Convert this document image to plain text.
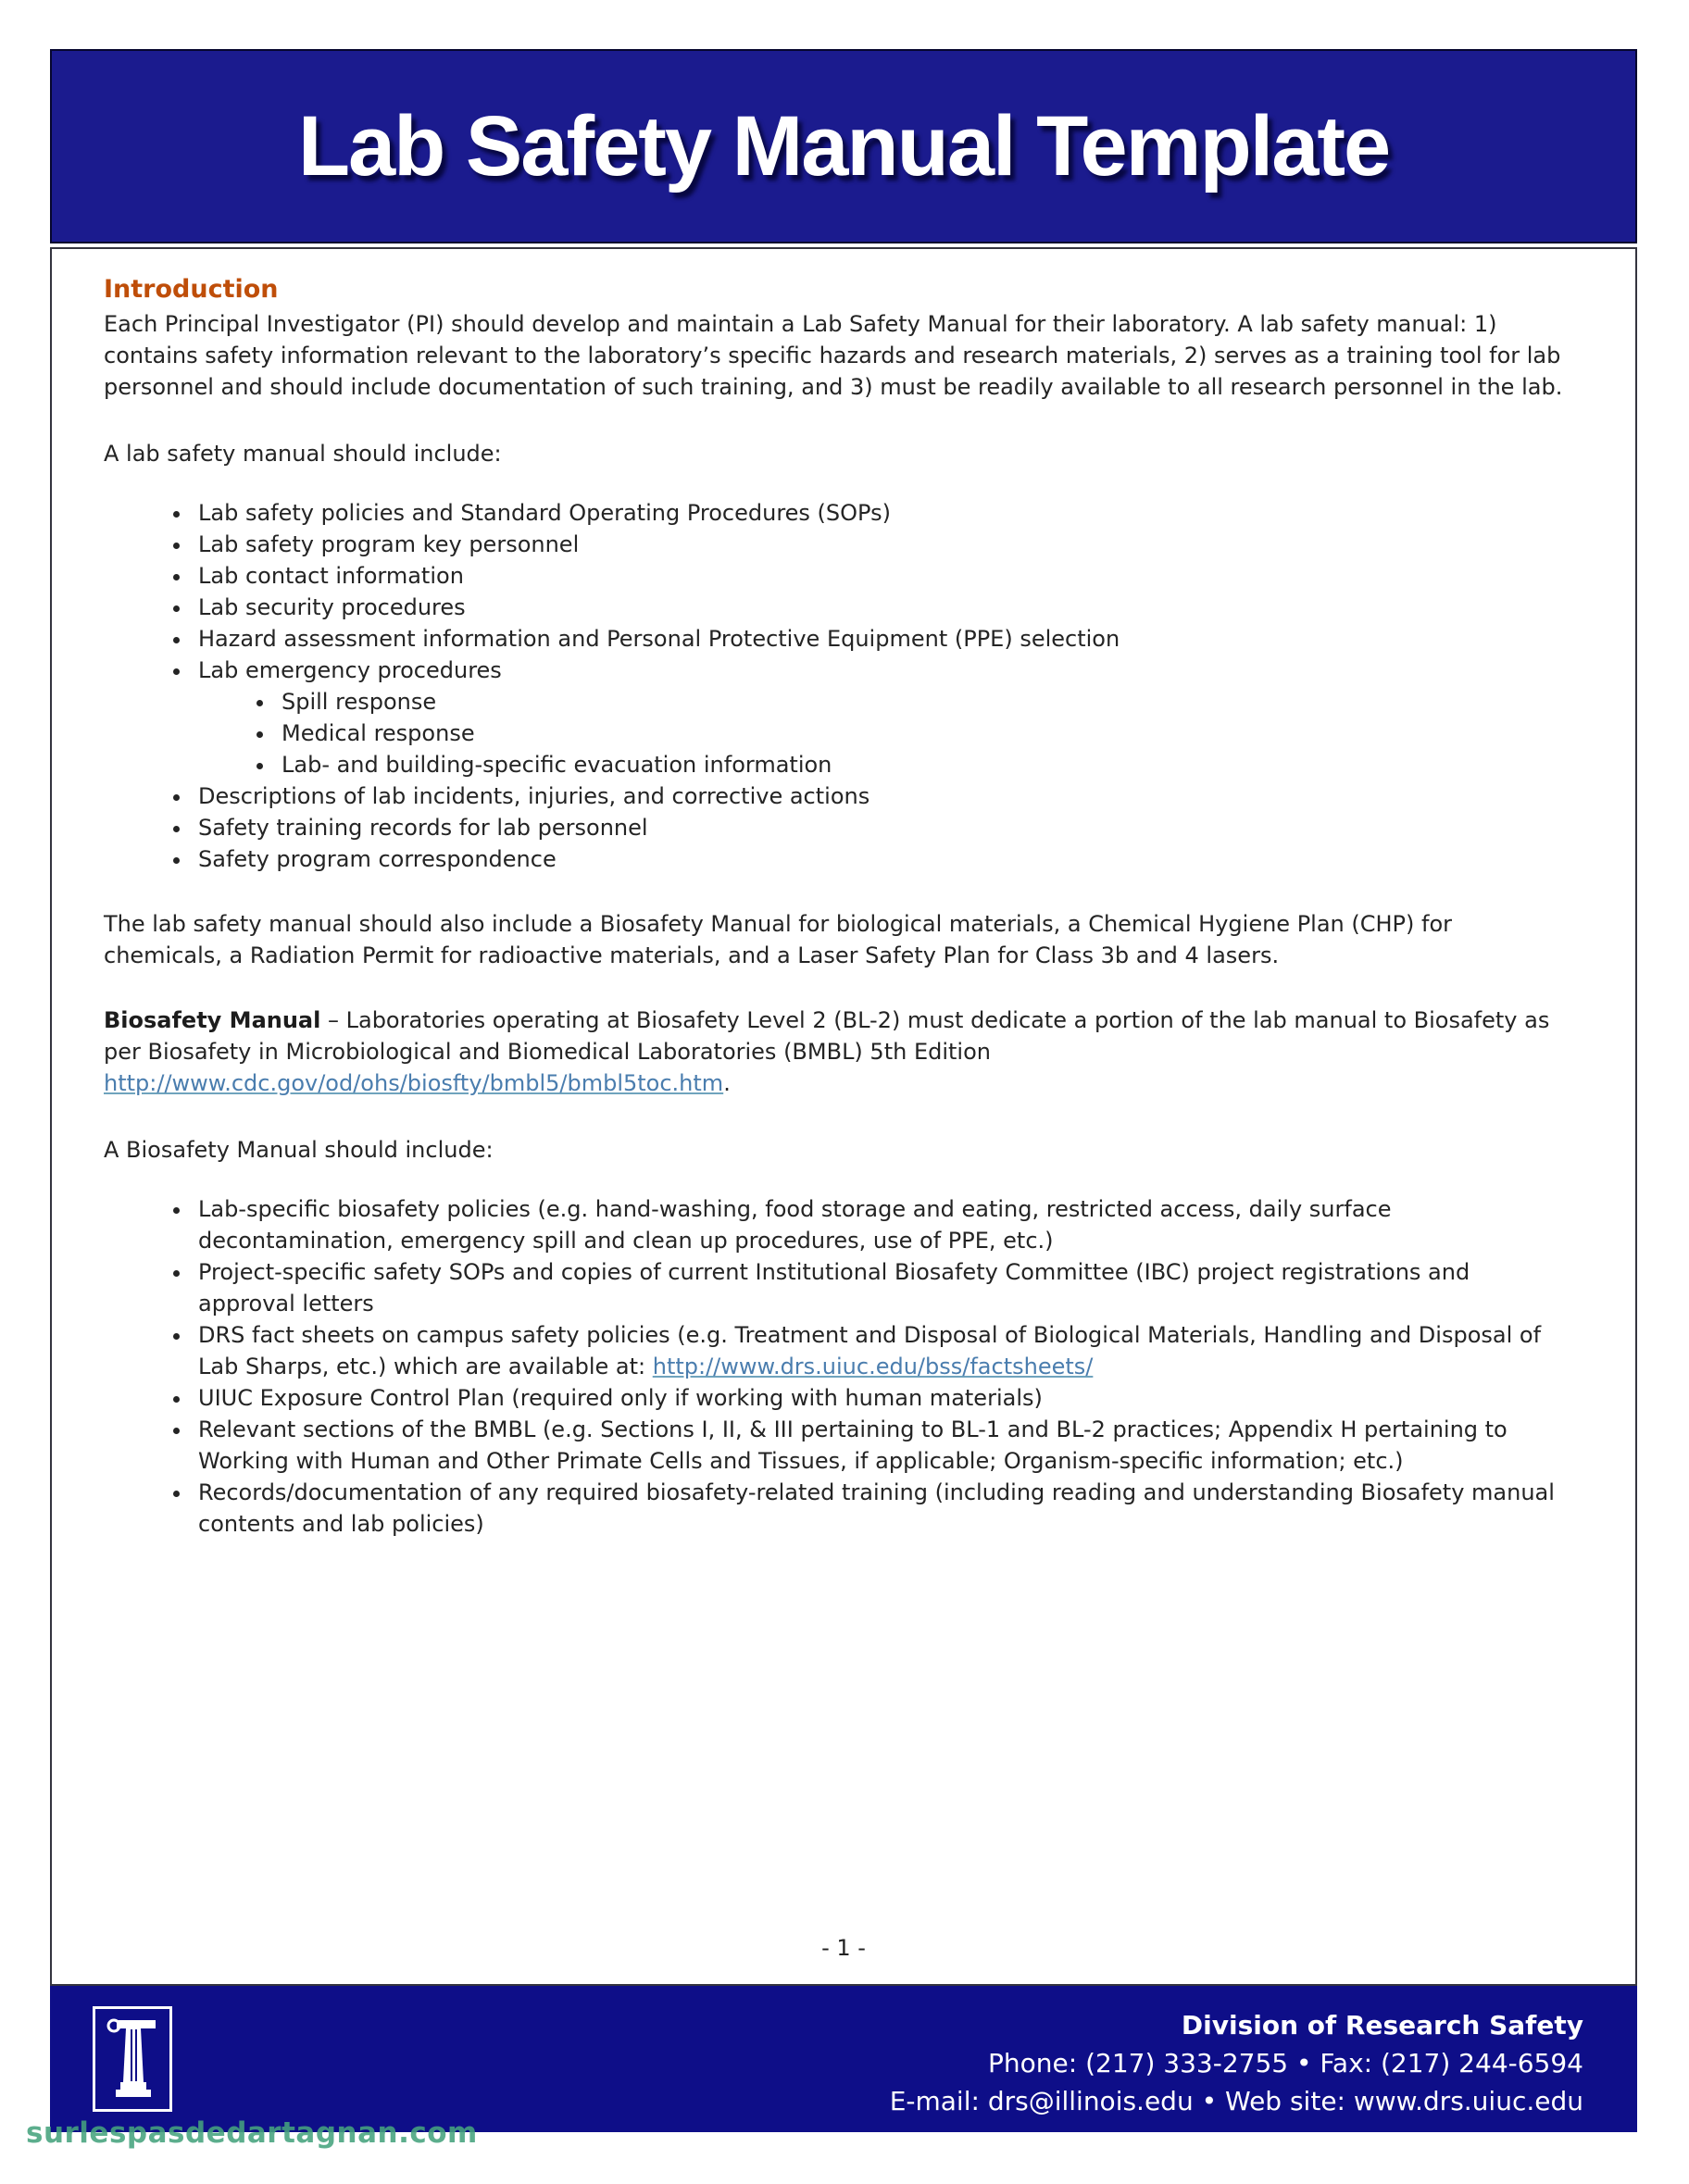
Lab Safety Manual Template
Introduction

Each Principal Investigator (PI) should develop and maintain a Lab Safety Manual for their laboratory. A lab safety manual: 1) contains safety information relevant to the laboratory’s specific hazards and research materials, 2) serves as a training tool for lab personnel and should include documentation of such training, and 3) must be readily available to all research personnel in the lab.

A lab safety manual should include:

• Lab safety policies and Standard Operating Procedures (SOPs)
• Lab safety program key personnel
• Lab contact information
• Lab security procedures
• Hazard assessment information and Personal Protective Equipment (PPE) selection
• Lab emergency procedures
• Spill response
• Medical response
• Lab- and building-specific evacuation information
• Descriptions of lab incidents, injuries, and corrective actions
• Safety training records for lab personnel
• Safety program correspondence

The lab safety manual should also include a Biosafety Manual for biological materials, a Chemical Hygiene Plan (CHP) for chemicals, a Radiation Permit for radioactive materials, and a Laser Safety Plan for Class 3b and 4 lasers.

Biosafety Manual – Laboratories operating at Biosafety Level 2 (BL-2) must dedicate a portion of the lab manual to Biosafety as per Biosafety in Microbiological and Biomedical Laboratories (BMBL) 5th Edition http://www.cdc.gov/od/ohs/biosfty/bmbl5/bmbl5toc.htm.

A Biosafety Manual should include:

• Lab-specific biosafety policies (e.g. hand-washing, food storage and eating, restricted access, daily surface decontamination, emergency spill and clean up procedures, use of PPE, etc.)
• Project-specific safety SOPs and copies of current Institutional Biosafety Committee (IBC) project registrations and approval letters
• DRS fact sheets on campus safety policies (e.g. Treatment and Disposal of Biological Materials, Handling and Disposal of Lab Sharps, etc.) which are available at: http://www.drs.uiuc.edu/bss/factsheets/
• UIUC Exposure Control Plan (required only if working with human materials)
• Relevant sections of the BMBL (e.g. Sections I, II, & III pertaining to BL-1 and BL-2 practices; Appendix H pertaining to Working with Human and Other Primate Cells and Tissues, if applicable; Organism-specific information; etc.)
• Records/documentation of any required biosafety-related training (including reading and understanding Biosafety manual contents and lab policies)
- 1 -
Division of Research Safety
Phone: (217) 333-2755 • Fax: (217) 244-6594
E-mail: drs@illinois.edu • Web site: www.drs.uiuc.edu
surlespasdedartagnan.com
